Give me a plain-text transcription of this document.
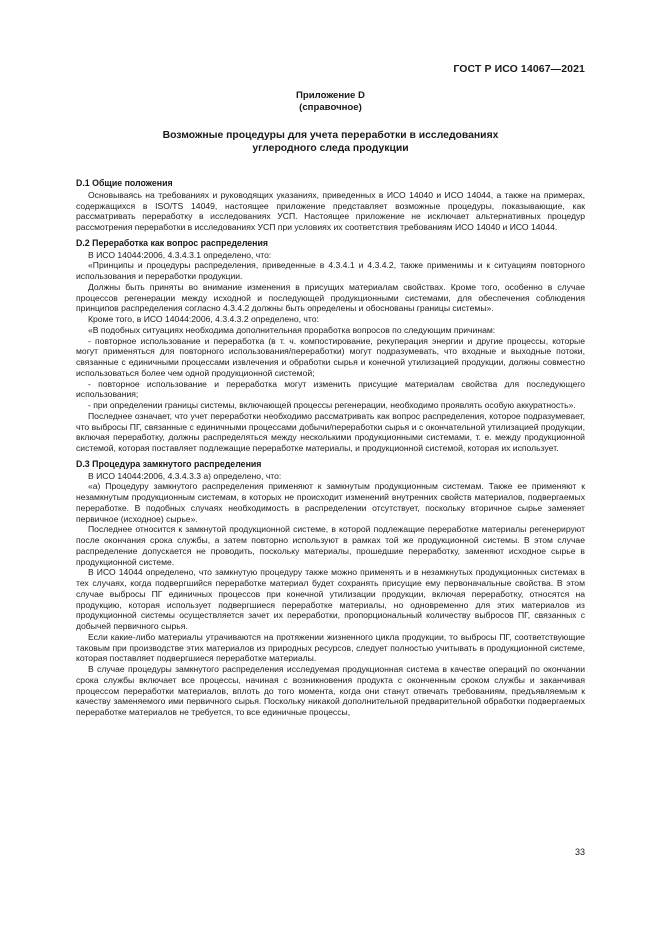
ГОСТ Р ИСО 14067—2021
Приложение D
(справочное)
Возможные процедуры для учета переработки в исследованиях
углеродного следа продукции
D.1 Общие положения

Основываясь на требованиях и руководящих указаниях, приведенных в ИСО 14040 и ИСО 14044, а также на примерах, содержащихся в ISO/TS 14049, настоящее приложение представляет возможные процедуры, показывающие, как рассматривать переработку в исследованиях УСП. Настоящее приложение не исключает альтернативных процедур рассмотрения переработки в исследованиях УСП при условиях их соответствия требованиям ИСО 14040 и ИСО 14044.

D.2 Переработка как вопрос распределения

В ИСО 14044:2006, 4.3.4.3.1 определено, что:

«Принципы и процедуры распределения, приведенные в 4.3.4.1 и 4.3.4.2, также применимы и к ситуациям повторного использования и переработки продукции.

Должны быть приняты во внимание изменения в присущих материалам свойствах. Кроме того, особенно в случае процессов регенерации между исходной и последующей продукционными системами, для обеспечения соблюдения принципов распределения согласно 4.3.4.2 должны быть определены и обоснованы границы системы».

Кроме того, в ИСО 14044:2006, 4.3.4.3.2 определено, что:

«В подобных ситуациях необходима дополнительная проработка вопросов по следующим причинам:

- повторное использование и переработка (в т. ч. компостирование, рекуперация энергии и другие процессы, которые могут применяться для повторного использования/переработки) могут подразумевать, что входные и выходные потоки, связанные с единичными процессами извлечения и обработки сырья и конечной утилизацией продукции, должны совместно использоваться более чем одной продукционной системой;

- повторное использование и переработка могут изменить присущие материалам свойства для последующего использования;

- при определении границы системы, включающей процессы регенерации, необходимо проявлять особую аккуратность».

Последнее означает, что учет переработки необходимо рассматривать как вопрос распределения, которое подразумевает, что выбросы ПГ, связанные с единичными процессами добычи/переработки сырья и с окончательной утилизацией продукции, включая переработку, должны распределяться между несколькими продукционными системами, т. е. между продукционной системой, которая поставляет подлежащие переработке материалы, и продукционной системой, которая их использует.

D.3 Процедура замкнутого распределения

В ИСО 14044:2006, 4.3.4.3.3 а) определено, что:

«а) Процедуру замкнутого распределения применяют к замкнутым продукционным системам. Также ее применяют к незамкнутым продукционным системам, в которых не происходит изменений внутренних свойств материалов, подвергаемых переработке. В подобных случаях необходимость в распределении отсутствует, поскольку вторичное сырье заменяет первичное (исходное) сырье».

Последнее относится к замкнутой продукционной системе, в которой подлежащие переработке материалы регенерируют после окончания срока службы, а затем повторно используют в рамках той же продукционной системы. В этом случае распределение допускается не проводить, поскольку материалы, прошедшие переработку, заменяют исходное сырье в продукционной системе.

В ИСО 14044 определено, что замкнутую процедуру также можно применять и в незамкнутых продукционных системах в тех случаях, когда подвергшийся переработке материал будет сохранять присущие ему первоначальные свойства. В этом случае выбросы ПГ единичных процессов при конечной утилизации продукции, включая переработку, относятся на продукцию, которая использует подвергшиеся переработке материалы, но одновременно для этих материалов из продукционной системы осуществляется зачет их переработки, пропорциональный количеству выбросов ПГ, связанных с добычей первичного сырья.

Если какие-либо материалы утрачиваются на протяжении жизненного цикла продукции, то выбросы ПГ, соответствующие таковым при производстве этих материалов из природных ресурсов, следует полностью учитывать в продукционной системе, которая поставляет подвергшиеся переработке материалы.

В случае процедуры замкнутого распределения исследуемая продукционная система в качестве операций по окончании срока службы включает все процессы, начиная с возникновения продукта с оконченным сроком службы и заканчивая процессом переработки материалов, вплоть до того момента, когда они станут отвечать требованиям, предъявляемым к качеству заменяемого ими первичного сырья. Поскольку никакой дополнительной предварительной обработки подвергаемых переработке материалов не требуется, то все единичные процессы,

33
